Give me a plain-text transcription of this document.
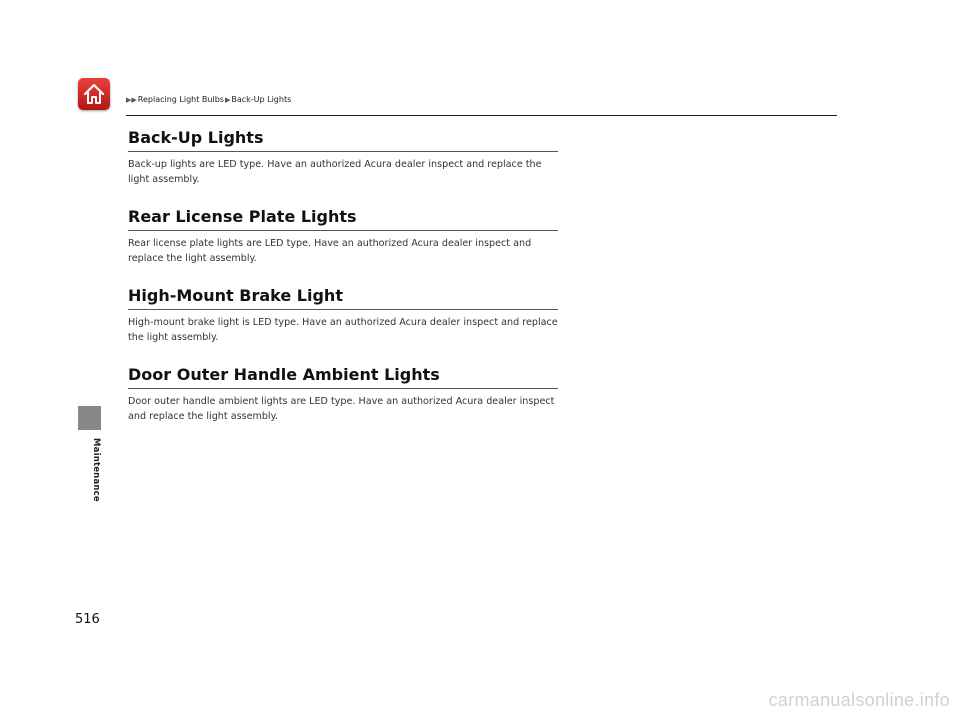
▶▶ Replacing Light Bulbs ▶ Back-Up Lights
Back-Up Lights

Back-up lights are LED type. Have an authorized Acura dealer inspect and replace the light assembly.

Rear License Plate Lights

Rear license plate lights are LED type. Have an authorized Acura dealer inspect and replace the light assembly.

High-Mount Brake Light

High-mount brake light is LED type. Have an authorized Acura dealer inspect and replace the light assembly.

Door Outer Handle Ambient Lights

Door outer handle ambient lights are LED type. Have an authorized Acura dealer inspect and replace the light assembly.

Maintenance
516
carmanualsonline.info
